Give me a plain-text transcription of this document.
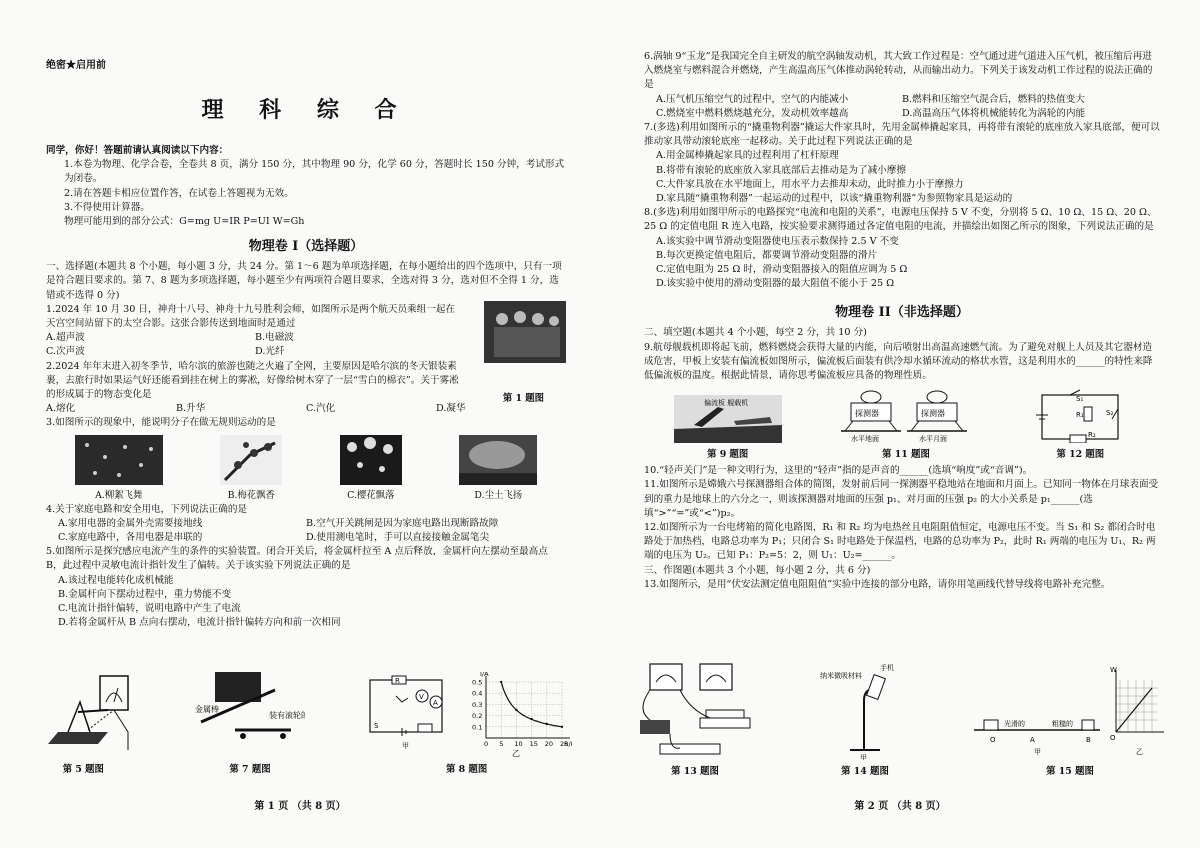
绝密★启用前
理 科 综 合

同学，你好！答题前请认真阅读以下内容：

1.本卷为物理、化学合卷，全卷共 8 页，满分 150 分，其中物理 90 分，化学 60 分，答题时长 150 分钟，考试形式为闭卷。

2.请在答题卡相应位置作答，在试卷上答题视为无效。

3.不得使用计算器。

物理可能用到的部分公式：G=mg U=IR P=UI W=Gh

物理卷 I（选择题）

一、选择题(本题共 8 个小题，每小题 3 分，共 24 分。第 1～6 题为单项选择题，在每小题给出的四个选项中，只有一项是符合题目要求的。第 7、8 题为多项选择题，每小题至少有两项符合题目要求，全选对得 3 分，选对但不全得 1 分，选错或不选得 0 分)

1.2024 年 10 月 30 日，神舟十八号、神舟十九号胜利会师，如图所示是两个航天员乘组一起在天宫空间站留下的太空合影。这张合影传送到地面时是通过

A.超声波	B.电磁波
C.次声波	D.光纤

2.2024 年年末进入初冬季节，哈尔滨的旅游也随之火遍了全网，主要原因是哈尔滨的冬天银装素裹，去旅行时如果运气好还能看到挂在树上的雾凇，好像给树木穿了一层“雪白的棉衣”。关于雾凇的形成属于的物态变化是	第 1 题图
A.熔化	B.升华	C.汽化	D.凝华

3.如图所示的现象中，能说明分子在做无规则运动的是

A.柳絮飞舞	B.梅花飘香	C.樱花飘落	D.尘土飞扬

4.关于家庭电路和安全用电，下列说法正确的是

A.家用电器的金属外壳需要接地线	B.空气开关跳闸是因为家庭电路出现断路故障
C.家庭电路中，各用电器是串联的	D.使用测电笔时，手可以直接接触金属笔尖

5.如图所示是探究感应电流产生的条件的实验装置。闭合开关后，将金属杆拉至 A 点后释放，金属杆向左摆动至最高点 B，此过程中灵敏电流计指针发生了偏转。关于该实验下列说法正确的是

A.该过程电能转化成机械能

B.金属杆向下摆动过程中，重力势能不变

C.电流计指针偏转，说明电路中产生了电流

D.若将金属杆从 B 点向右摆动，电流计指针偏转方向和前一次相同

第 5 题图
金属棒
装有滚轮
第 7 题图
R
V
A
S
甲
0.5
0.4
0.3
0.2
0.1
0 5 10 15 20 25
I/A
R/
乙
第 8 题图
第 1 页 （共 8 页）

6.涡轴 9“玉龙”是我国完全自主研发的航空涡轴发动机，其大致工作过程是：空气通过进气道进入压气机，被压缩后再进入燃烧室与燃料混合并燃烧，产生高温高压气体推动涡轮转动，从而输出动力。下列关于该发动机工作过程的说法正确的是

A.压气机压缩空气的过程中，空气的内能减小	B.燃料和压缩空气混合后，燃料的热值变大
C.燃烧室中燃料燃烧越充分，发动机效率越高	D.高温高压气体将机械能转化为涡轮的内能

7.(多选)利用如图所示的“撬重物利器”撬运大件家具时，先用金属棒撬起家具，再将带有滚轮的底座放入家具底部，便可以推动家具带动滚轮底座一起移动。关于此过程下列说法正确的是

A.用金属棒撬起家具的过程利用了杠杆原理

B.将带有滚轮的底座放入家具底部后去推动是为了减小摩擦

C.大件家具放在水平地面上，用水平力去推却未动，此时推力小于摩擦力

D.家具随“撬重物利器”一起运动的过程中，以该“撬重物利器”为参照物家具是运动的

8.(多选)利用如图甲所示的电路探究“电流和电阻的关系”，电源电压保持 5 V 不变，分别将 5 Ω、10 Ω、15 Ω、20 Ω、25 Ω 的定值电阻 R 连入电路，按实验要求测得通过各定值电阻的电流，并描绘出如图乙所示的图象，下列说法正确的是

A.该实验中调节滑动变阻器使电压表示数保持 2.5 V 不变

B.每次更换定值电阻后，都要调节滑动变阻器的滑片

C.定值电阻为 25 Ω 时，滑动变阻器接入的阻值应调为 5 Ω

D.该实验中使用的滑动变阻器的最大阻值不能小于 25 Ω

物理卷 II（非选择题）

二、填空题(本题共 4 个小题，每空 2 分，共 10 分)

9.航母舰载机即将起飞前，燃料燃烧会获得大量的内能，向后喷射出高温高速燃气流。为了避免对舰上人员及其它器材造成危害，甲板上安装有偏流板如图所示，偏流板后面装有供冷却水循环流动的格状水管，这是利用水的______的特性来降低偏流板的温度。根据此情景，请你思考偏流板应具备的物理性质。

偏流板 舰载机
第 9 题图
探测器
水平地面
探测器
水平月面
第 11 题图
S₁
R₁	S₂
R₂
第 12 题图

10.“轻声关门”是一种文明行为，这里的“轻声”指的是声音的______(选填“响度”或“音调”)。

11.如图所示是嫦娥六号探测器组合体的简图，发射前后同一探测器平稳地站在地面和月面上。已知同一物体在月球表面受到的重力是地球上的六分之一，则该探测器对地面的压强 p₁、对月面的压强 p₂ 的大小关系是 p₁______(选填“>”“=”或“<”)p₂。

12.如图所示为一台电烤箱的简化电路图，R₁ 和 R₂ 均为电热丝且电阻阻值恒定，电源电压不变。当 S₁ 和 S₂ 都闭合时电路处于加热档，电路总功率为 P₁；只闭合 S₁ 时电路处于保温档，电路的总功率为 P₂，此时 R₁ 两端的电压为 U₁、R₂ 两端的电压为 U₂。已知 P₁：P₂=5：2，则 U₁：U₂=______。

三、作图题(本题共 3 个小题，每小题 2 分，共 6 分)

13.如图所示，是用“伏安法测定值电阻阻值”实验中连接的部分电路，请你用笔画线代替导线将电路补充完整。

第 13 题图
纳米微吸材料
手机
甲
第 14 题图
光滑的	粗糙的
O	A	B
甲
W
O
乙
第 15 题图
第 2 页 （共 8 页）
